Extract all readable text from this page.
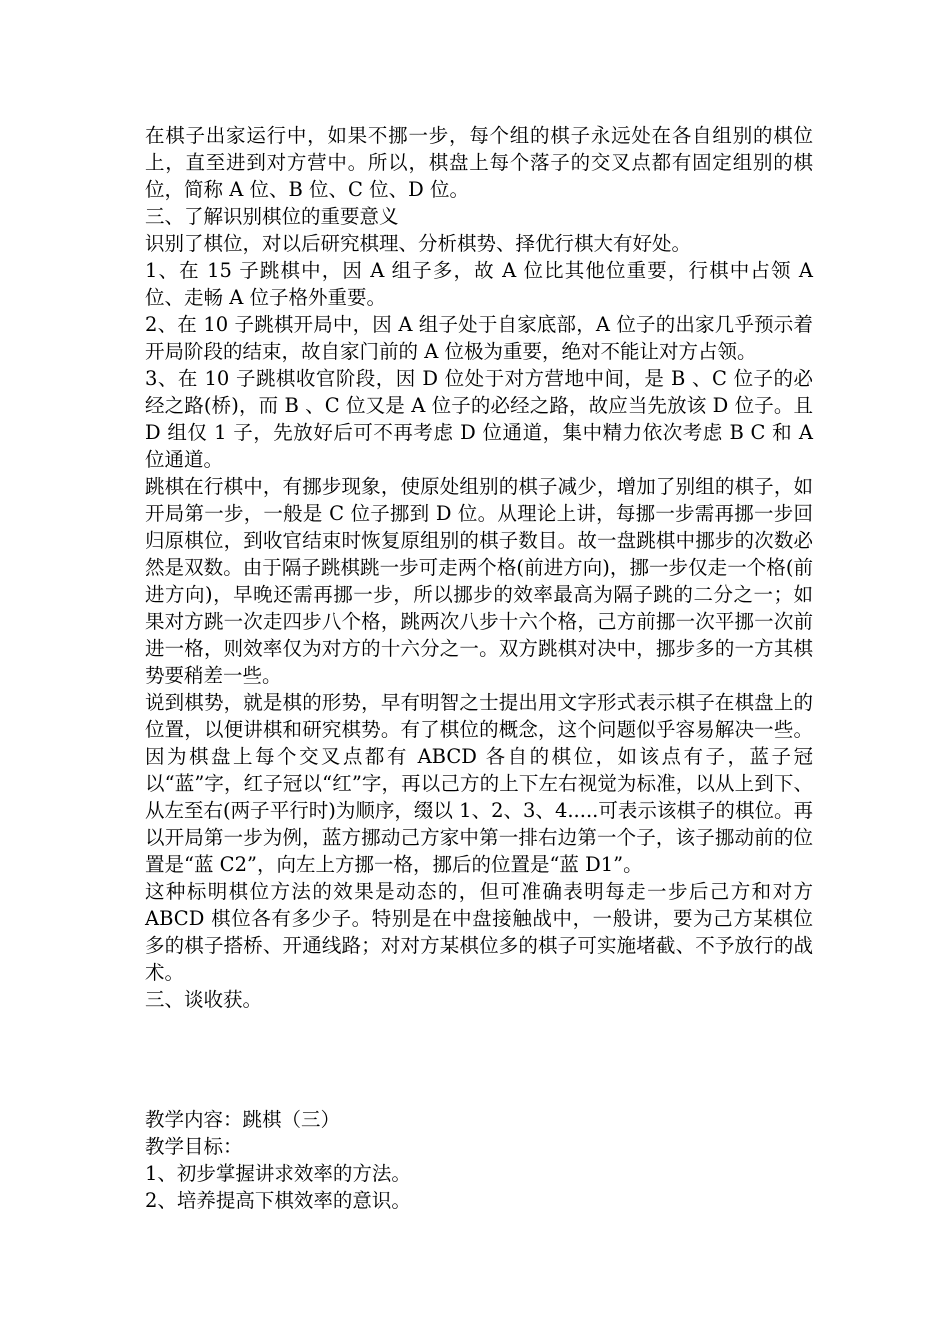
在棋子出家运行中，如果不挪一步，每个组的棋子永远处在各自组别的棋位上，直至进到对方营中。所以，棋盘上每个落子的交叉点都有固定组别的棋位，简称 A 位、B 位、C 位、D 位。

三、了解识别棋位的重要意义

识别了棋位，对以后研究棋理、分析棋势、择优行棋大有好处。

1、在 15 子跳棋中，因 A 组子多，故 A 位比其他位重要，行棋中占领 A 位、走畅 A 位子格外重要。

2、在 10 子跳棋开局中，因 A 组子处于自家底部，A 位子的出家几乎预示着开局阶段的结束，故自家门前的 A 位极为重要，绝对不能让对方占领。

3、在 10 子跳棋收官阶段，因 D 位处于对方营地中间，是 B 、C 位子的必经之路(桥)，而 B 、C 位又是 A 位子的必经之路，故应当先放该 D 位子。且 D 组仅 1 子，先放好后可不再考虑 D 位通道，集中精力依次考虑 B C 和 A 位通道。

跳棋在行棋中，有挪步现象，使原处组别的棋子减少，增加了别组的棋子，如开局第一步，一般是 C 位子挪到 D 位。从理论上讲，每挪一步需再挪一步回归原棋位，到收官结束时恢复原组别的棋子数目。故一盘跳棋中挪步的次数必然是双数。由于隔子跳棋跳一步可走两个格(前进方向)，挪一步仅走一个格(前进方向)，早晚还需再挪一步，所以挪步的效率最高为隔子跳的二分之一；如果对方跳一次走四步八个格，跳两次八步十六个格，己方前挪一次平挪一次前进一格，则效率仅为对方的十六分之一。双方跳棋对决中，挪步多的一方其棋势要稍差一些。

说到棋势，就是棋的形势，早有明智之士提出用文字形式表示棋子在棋盘上的位置，以便讲棋和研究棋势。有了棋位的概念，这个问题似乎容易解决一些。因为棋盘上每个交叉点都有 ABCD 各自的棋位，如该点有子，蓝子冠以“蓝”字，红子冠以“红”字，再以己方的上下左右视觉为标准，以从上到下、从左至右(两子平行时)为顺序，缀以 1、2、3、4.....可表示该棋子的棋位。再以开局第一步为例，蓝方挪动己方家中第一排右边第一个子，该子挪动前的位置是“蓝 C2”，向左上方挪一格，挪后的位置是“蓝 D1”。

这种标明棋位方法的效果是动态的，但可准确表明每走一步后己方和对方 ABCD 棋位各有多少子。特别是在中盘接触战中，一般讲，要为己方某棋位多的棋子搭桥、开通线路；对对方某棋位多的棋子可实施堵截、不予放行的战术。

三、谈收获。

教学内容：跳棋（三）

教学目标：

1、初步掌握讲求效率的方法。

2、培养提高下棋效率的意识。
